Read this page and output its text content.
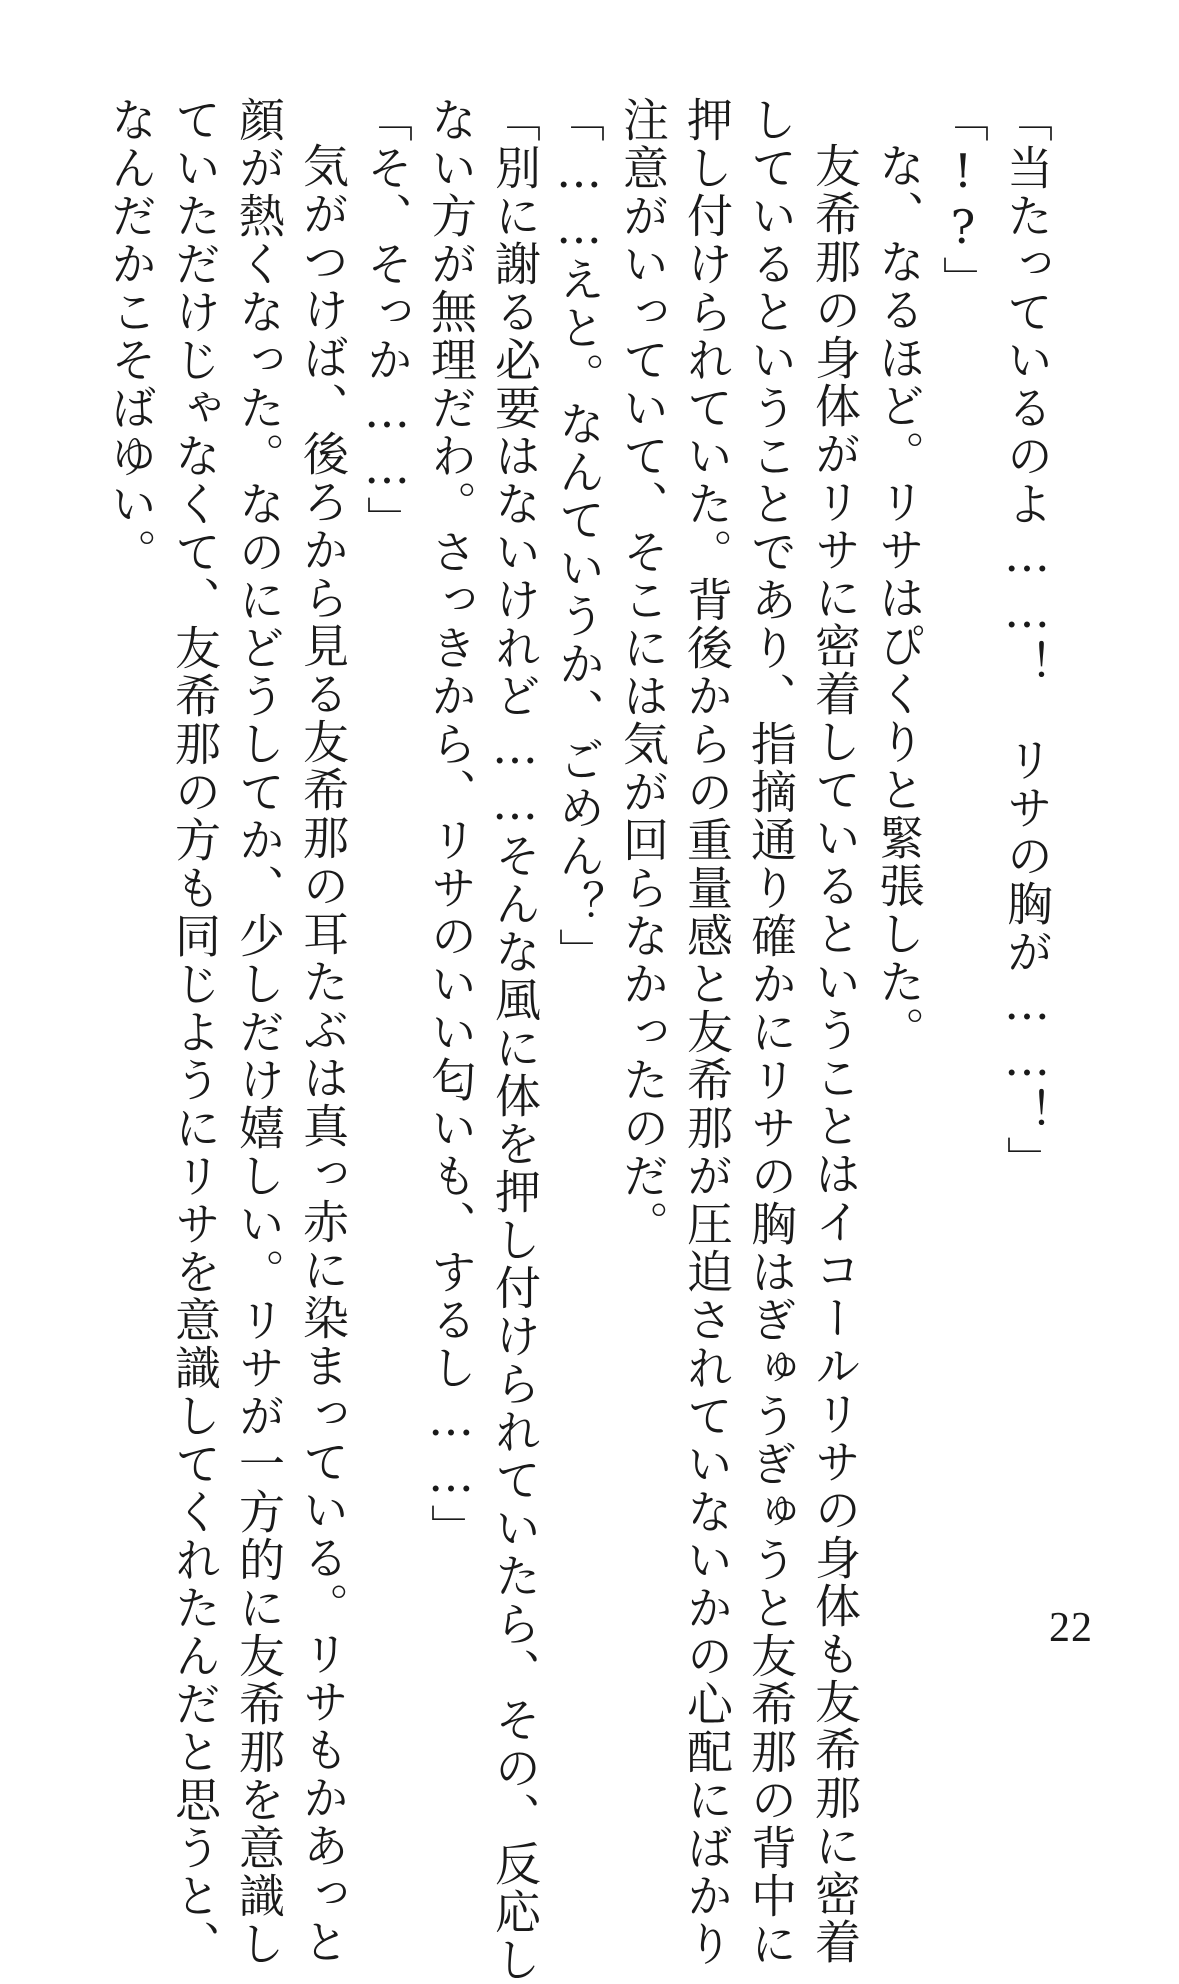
「当たっているのよ……！　リサの胸が……！」
「!?」
な、なるほど。リサはぴくりと緊張した。
友希那の身体がリサに密着しているということはイコールリサの身体も友希那に密着
しているということであり、指摘通り確かにリサの胸はぎゅうぎゅうと友希那の背中に
押し付けられていた。背後からの重量感と友希那が圧迫されていないかの心配にばかり
注意がいっていて、そこには気が回らなかったのだ。
「……えと。なんていうか、ごめん？」
「別に謝る必要はないけれど……そんな風に体を押し付けられていたら、その、反応し
ない方が無理だわ。さっきから、リサのいい匂いも、するし……」
「そ、そっか……」
気がつけば、後ろから見る友希那の耳たぶは真っ赤に染まっている。リサもかあっと
顔が熱くなった。なのにどうしてか、少しだけ嬉しい。リサが一方的に友希那を意識し
ていただけじゃなくて、友希那の方も同じようにリサを意識してくれたんだと思うと、
なんだかこそばゆい。
22
